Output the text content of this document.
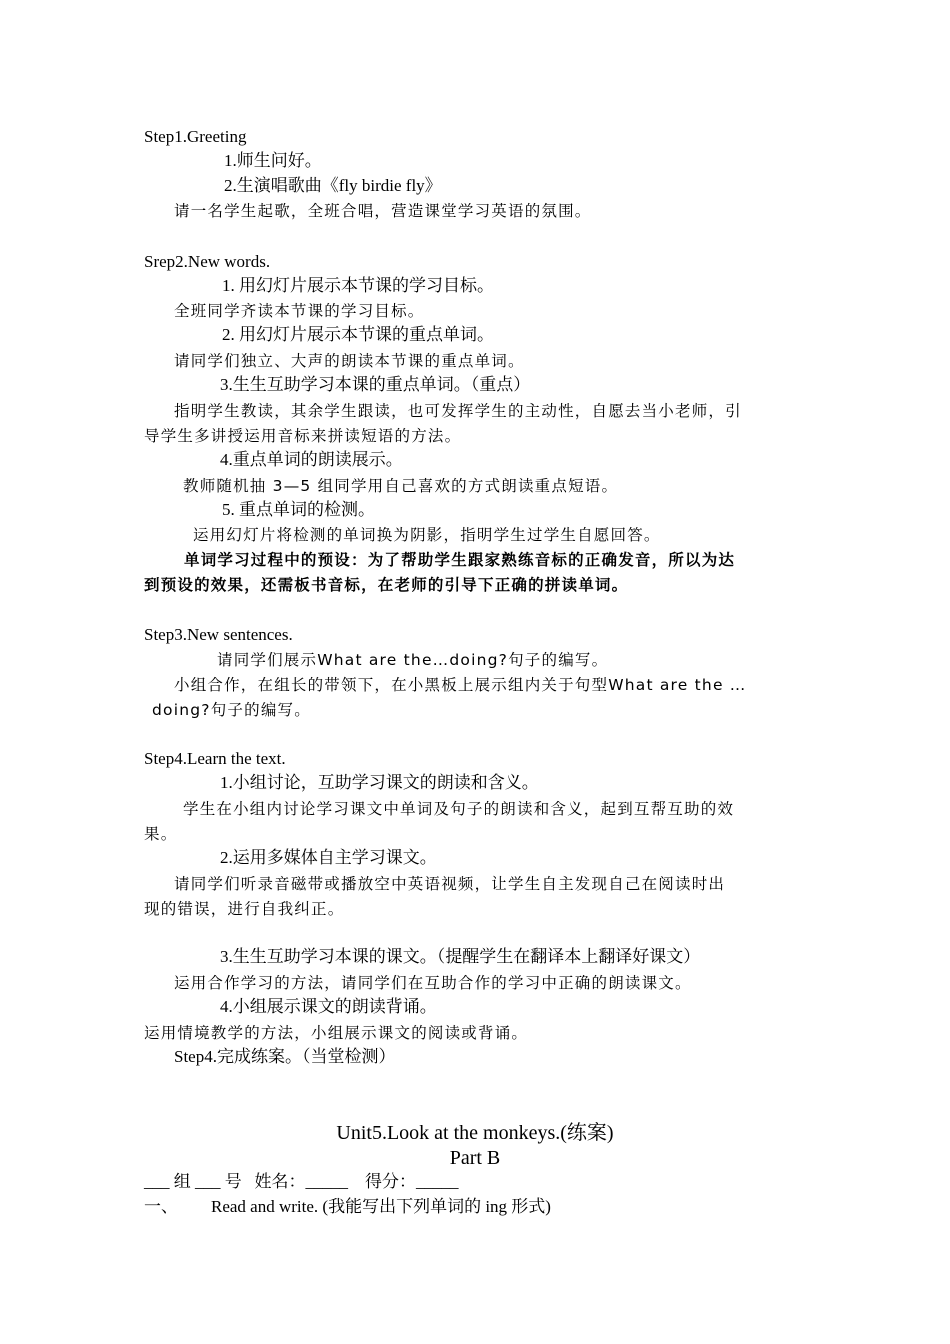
Step1.Greeting
1.师生问好。
2.生演唱歌曲《fly birdie fly》
请一名学生起歌，全班合唱，营造课堂学习英语的氛围。
Srep2.New words.
1. 用幻灯片展示本节课的学习目标。
全班同学齐读本节课的学习目标。
2. 用幻灯片展示本节课的重点单词。
请同学们独立、大声的朗读本节课的重点单词。
3.生生互助学习本课的重点单词。（重点）
指明学生教读，其余学生跟读，也可发挥学生的主动性，自愿去当小老师，引
导学生多讲授运用音标来拼读短语的方法。
4.重点单词的朗读展示。
教师随机抽 3—5 组同学用自己喜欢的方式朗读重点短语。
5. 重点单词的检测。
运用幻灯片将检测的单词换为阴影，指明学生过学生自愿回答。
单词学习过程中的预设：为了帮助学生跟家熟练音标的正确发音，所以为达
到预设的效果，还需板书音标，在老师的引导下正确的拼读单词。
Step3.New sentences.
请同学们展示What are the…doing?句子的编写。
小组合作，在组长的带领下，在小黑板上展示组内关于句型What are the …
doing?句子的编写。
Step4.Learn the text.
1.小组讨论，互助学习课文的朗读和含义。
学生在小组内讨论学习课文中单词及句子的朗读和含义，起到互帮互助的效
果。
2.运用多媒体自主学习课文。
请同学们听录音磁带或播放空中英语视频，让学生自主发现自己在阅读时出
现的错误，进行自我纠正。
3.生生互助学习本课的课文。（提醒学生在翻译本上翻译好课文）
运用合作学习的方法，请同学们在互助合作的学习中正确的朗读课文。
4.小组展示课文的朗读背诵。
运用情境教学的方法，小组展示课文的阅读或背诵。
Step4.完成练案。（当堂检测）
Unit5.Look at the monkeys.(练案)
Part B
___ 组 ___ 号   姓名：_____    得分：_____
一、 Read and write. (我能写出下列单词的 ing 形式)
